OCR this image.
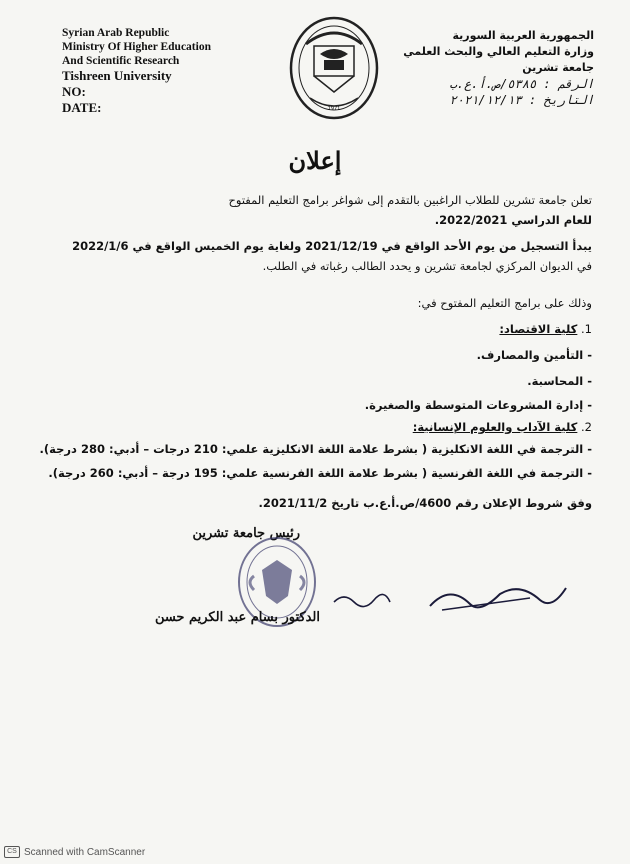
Syrian Arab Republic
Ministry Of Higher Education
And Scientific Research
Tishreen University
NO:
DATE:	1971
الجمهورية العربية السورية
وزارة التعليم العالي والبحث العلمي
جامعة تشرين
الرقم : ٥٣٨٥/ص.أ.ع.ب
التاريخ : ٢٠٢١/١٢/١٣
إعلان
تعلن جامعة تشرين للطلاب الراغبين بالتقدم إلى شواغر برامج التعليم المفتوح
للعام الدراسي 2022/2021.
يبدأ التسجيل من يوم الأحد الواقع في 2021/12/19 ولغاية يوم الخميس الواقع في 2022/1/6
في الديوان المركزي لجامعة تشرين و يحدد الطالب رغباته في الطلب.
وذلك على برامج التعليم المفتوح في:
1. كلية الاقتصاد:
- التأمين والمصارف.
- المحاسبة.
- إدارة المشروعات المتوسطة والصغيرة.
2. كلية الآداب والعلوم الإنسانية:
- الترجمة في اللغة الانكليزية ( بشرط علامة اللغة الانكليزية علمي: 210 درجات – أدبي: 280 درجة).
- الترجمة في اللغة الفرنسية ( بشرط علامة اللغة الفرنسية علمي: 195 درجة – أدبي: 260 درجة).
وفق شروط الإعلان رقم 4600/ص.أ.ع.ب تاريخ 2021/11/2.
رئيس جامعة تشرين
الدكتور بسام عبد الكريم حسن
CS Scanned with CamScanner
